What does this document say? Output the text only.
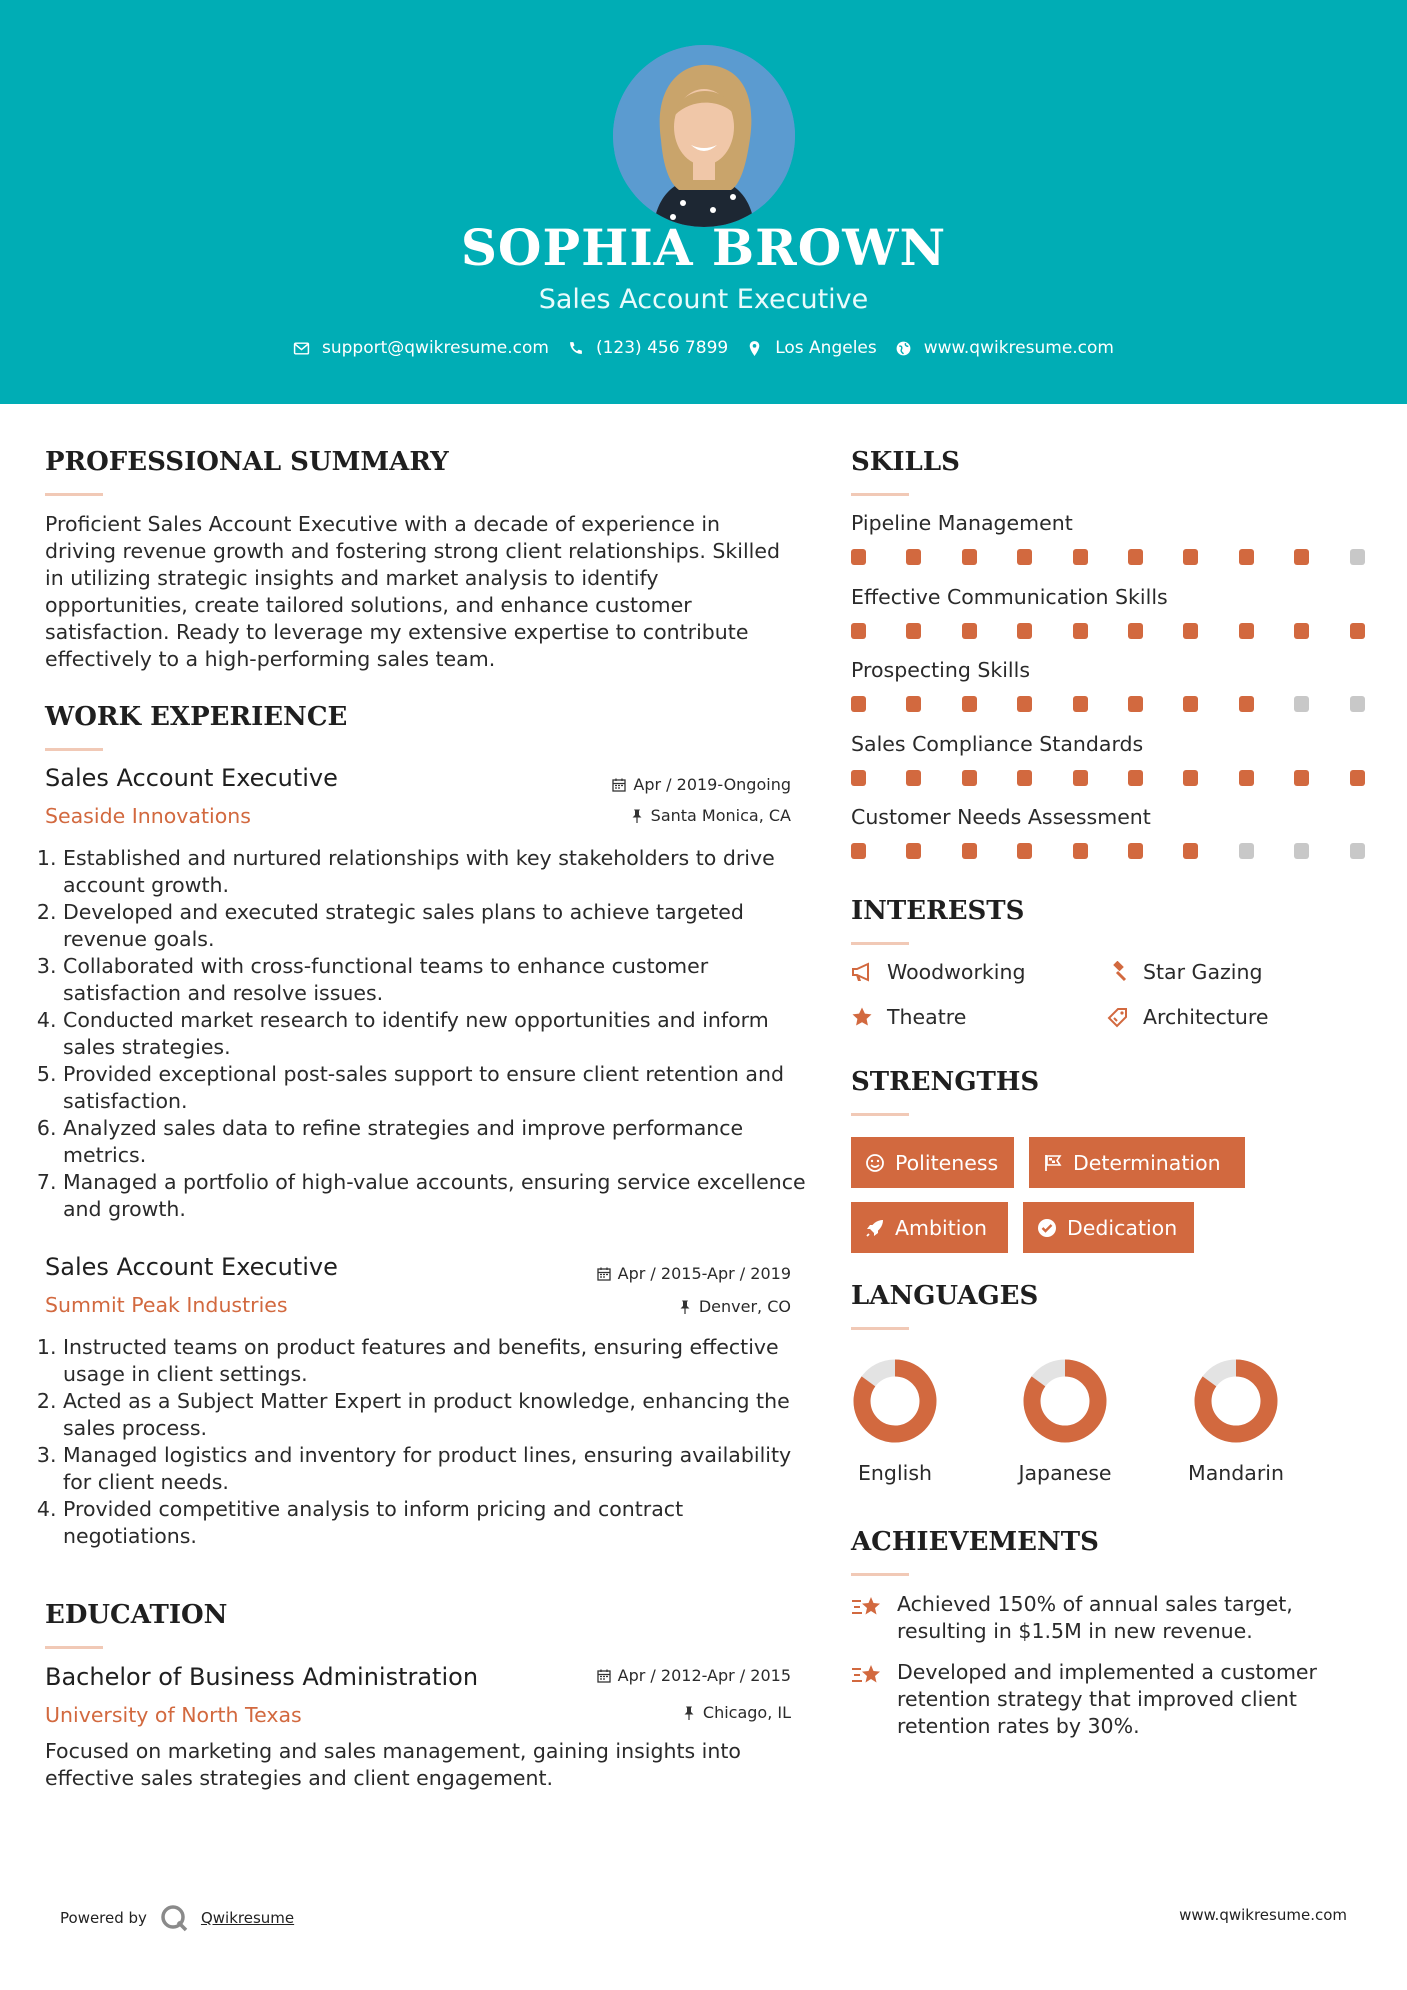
SOPHIA BROWN
Sales Account Executive
support@qwikresume.com	(123) 456 7899	Los Angeles	www.qwikresume.com
PROFESSIONAL SUMMARY
Proficient Sales Account Executive with a decade of experience in driving revenue growth and fostering strong client relationships. Skilled in utilizing strategic insights and market analysis to identify opportunities, create tailored solutions, and enhance customer satisfaction. Ready to leverage my extensive expertise to contribute effectively to a high-performing sales team.
WORK EXPERIENCE
Sales Account Executive
Seaside Innovations
Apr / 2019-Ongoing
Santa Monica, CA
1. Established and nurtured relationships with key stakeholders to drive account growth.
2. Developed and executed strategic sales plans to achieve targeted revenue goals.
3. Collaborated with cross-functional teams to enhance customer satisfaction and resolve issues.
4. Conducted market research to identify new opportunities and inform sales strategies.
5. Provided exceptional post-sales support to ensure client retention and satisfaction.
6. Analyzed sales data to refine strategies and improve performance metrics.
7. Managed a portfolio of high-value accounts, ensuring service excellence and growth.
Sales Account Executive
Summit Peak Industries
Apr / 2015-Apr / 2019
Denver, CO
1. Instructed teams on product features and benefits, ensuring effective usage in client settings.
2. Acted as a Subject Matter Expert in product knowledge, enhancing the sales process.
3. Managed logistics and inventory for product lines, ensuring availability for client needs.
4. Provided competitive analysis to inform pricing and contract negotiations.
EDUCATION
Bachelor of Business Administration
University of North Texas
Apr / 2012-Apr / 2015
Chicago, IL
Focused on marketing and sales management, gaining insights into effective sales strategies and client engagement.
SKILLS
Pipeline Management
Effective Communication Skills
Prospecting Skills
Sales Compliance Standards
Customer Needs Assessment
INTERESTS
Woodworking	Star Gazing
Theatre	Architecture
STRENGTHS
Politeness	Determination
Ambition	Dedication
LANGUAGES
English	Japanese	Mandarin
ACHIEVEMENTS
Achieved 150% of annual sales target, resulting in $1.5M in new revenue.
Developed and implemented a customer retention strategy that improved client retention rates by 30%.
Powered by	Qwikresume	www.qwikresume.com
